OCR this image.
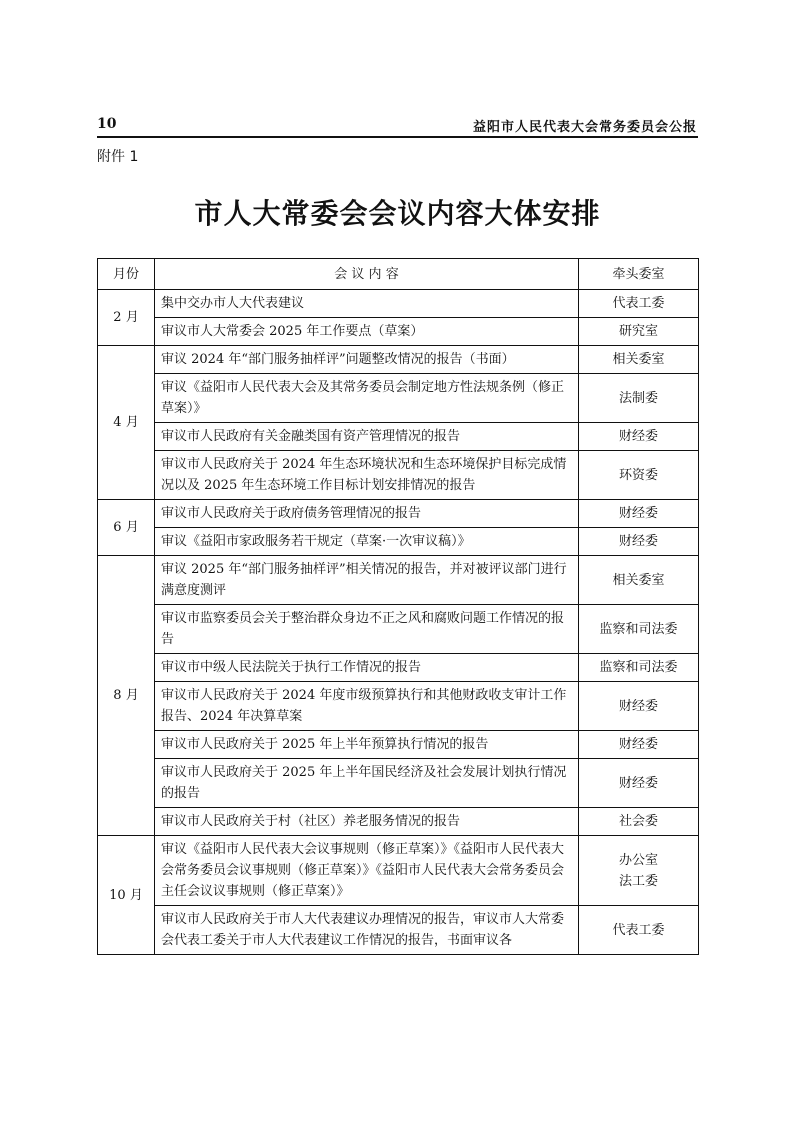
10	益阳市人民代表大会常务委员会公报
附件 1
市人大常委会会议内容大体安排
月份	会 议 内 容	牵头委室
2 月	集中交办市人大代表建议	代表工委
	审议市人大常委会 2025 年工作要点（草案）	研究室
4 月	审议 2024 年“部门服务抽样评”问题整改情况的报告（书面）	相关委室
	审议《益阳市人民代表大会及其常务委员会制定地方性法规条例（修正草案）》	法制委
	审议市人民政府有关金融类国有资产管理情况的报告	财经委
	审议市人民政府关于 2024 年生态环境状况和生态环境保护目标完成情况以及 2025 年生态环境工作目标计划安排情况的报告	环资委
6 月	审议市人民政府关于政府债务管理情况的报告	财经委
	审议《益阳市家政服务若干规定（草案·一次审议稿）》	财经委
8 月	审议 2025 年“部门服务抽样评”相关情况的报告，并对被评议部门进行满意度测评	相关委室
	审议市监察委员会关于整治群众身边不正之风和腐败问题工作情况的报告	监察和司法委
	审议市中级人民法院关于执行工作情况的报告	监察和司法委
	审议市人民政府关于 2024 年度市级预算执行和其他财政收支审计工作报告、2024 年决算草案	财经委
	审议市人民政府关于 2025 年上半年预算执行情况的报告	财经委
	审议市人民政府关于 2025 年上半年国民经济及社会发展计划执行情况的报告	财经委
	审议市人民政府关于村（社区）养老服务情况的报告	社会委
10 月	审议《益阳市人民代表大会议事规则（修正草案）》《益阳市人民代表大会常务委员会议事规则（修正草案）》《益阳市人民代表大会常务委员会主任会议议事规则（修正草案）》	办公室
法工委

	审议市人民政府关于市人大代表建议办理情况的报告，审议市人大常委会代表工委关于市人大代表建议工作情况的报告，书面审议各	代表工委
